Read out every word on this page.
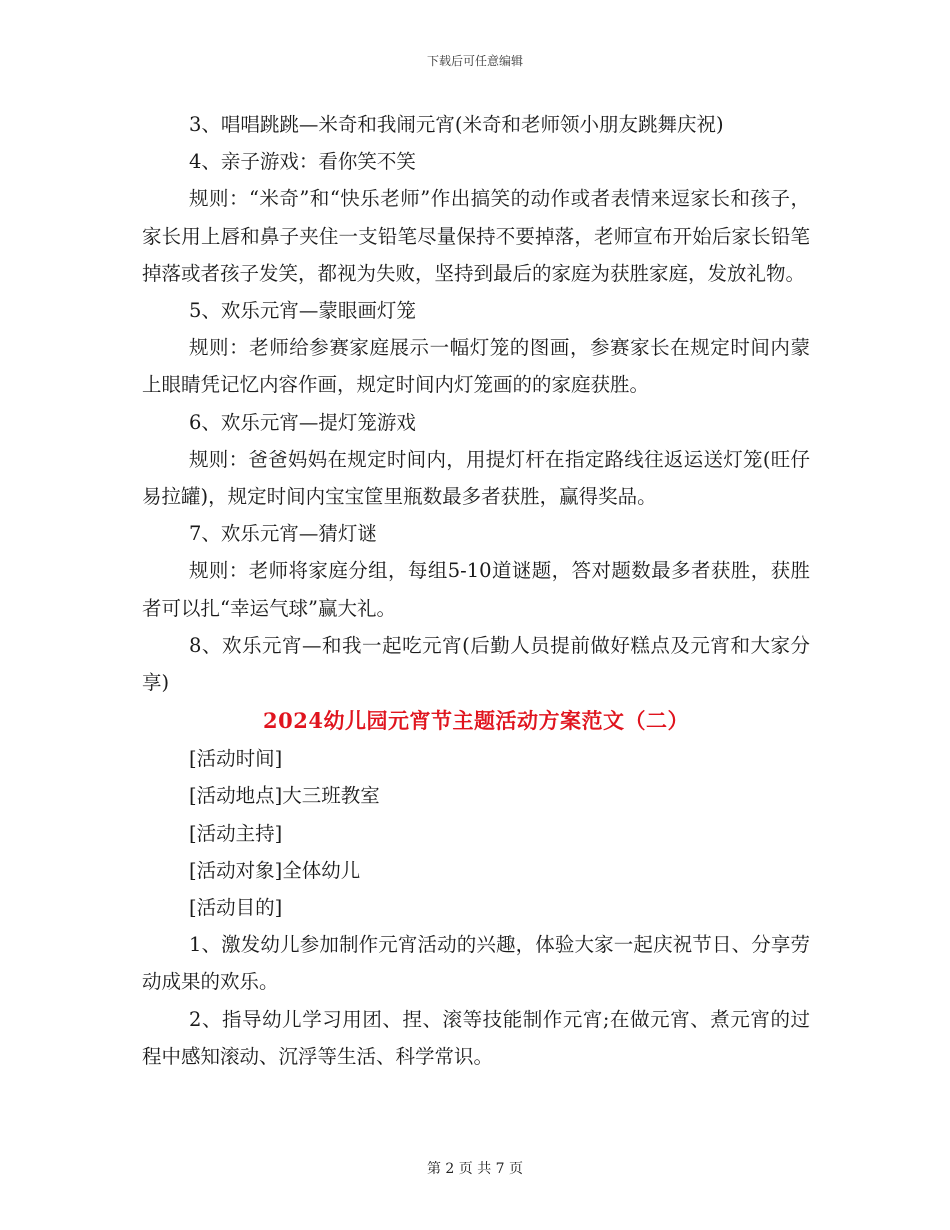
下载后可任意编辑

3、唱唱跳跳—米奇和我闹元宵(米奇和老师领小朋友跳舞庆祝)

4、亲子游戏：看你笑不笑

规则：“米奇”和“快乐老师”作出搞笑的动作或者表情来逗家长和孩子，家长用上唇和鼻子夹住一支铅笔尽量保持不要掉落，老师宣布开始后家长铅笔掉落或者孩子发笑，都视为失败，坚持到最后的家庭为获胜家庭，发放礼物。

5、欢乐元宵—蒙眼画灯笼

规则：老师给参赛家庭展示一幅灯笼的图画，参赛家长在规定时间内蒙上眼睛凭记忆内容作画，规定时间内灯笼画的的家庭获胜。

6、欢乐元宵—提灯笼游戏

规则：爸爸妈妈在规定时间内，用提灯杆在指定路线往返运送灯笼(旺仔易拉罐)，规定时间内宝宝筐里瓶数最多者获胜，赢得奖品。

7、欢乐元宵—猜灯谜

规则：老师将家庭分组，每组5-10道谜题，答对题数最多者获胜，获胜者可以扎“幸运气球”赢大礼。

8、欢乐元宵—和我一起吃元宵(后勤人员提前做好糕点及元宵和大家分享)

2024幼儿园元宵节主题活动方案范文（二）

[活动时间]

[活动地点]大三班教室

[活动主持]

[活动对象]全体幼儿

[活动目的]

1、激发幼儿参加制作元宵活动的兴趣，体验大家一起庆祝节日、分享劳动成果的欢乐。

2、指导幼儿学习用团、捏、滚等技能制作元宵;在做元宵、煮元宵的过程中感知滚动、沉浮等生活、科学常识。

第 2 页 共 7 页
